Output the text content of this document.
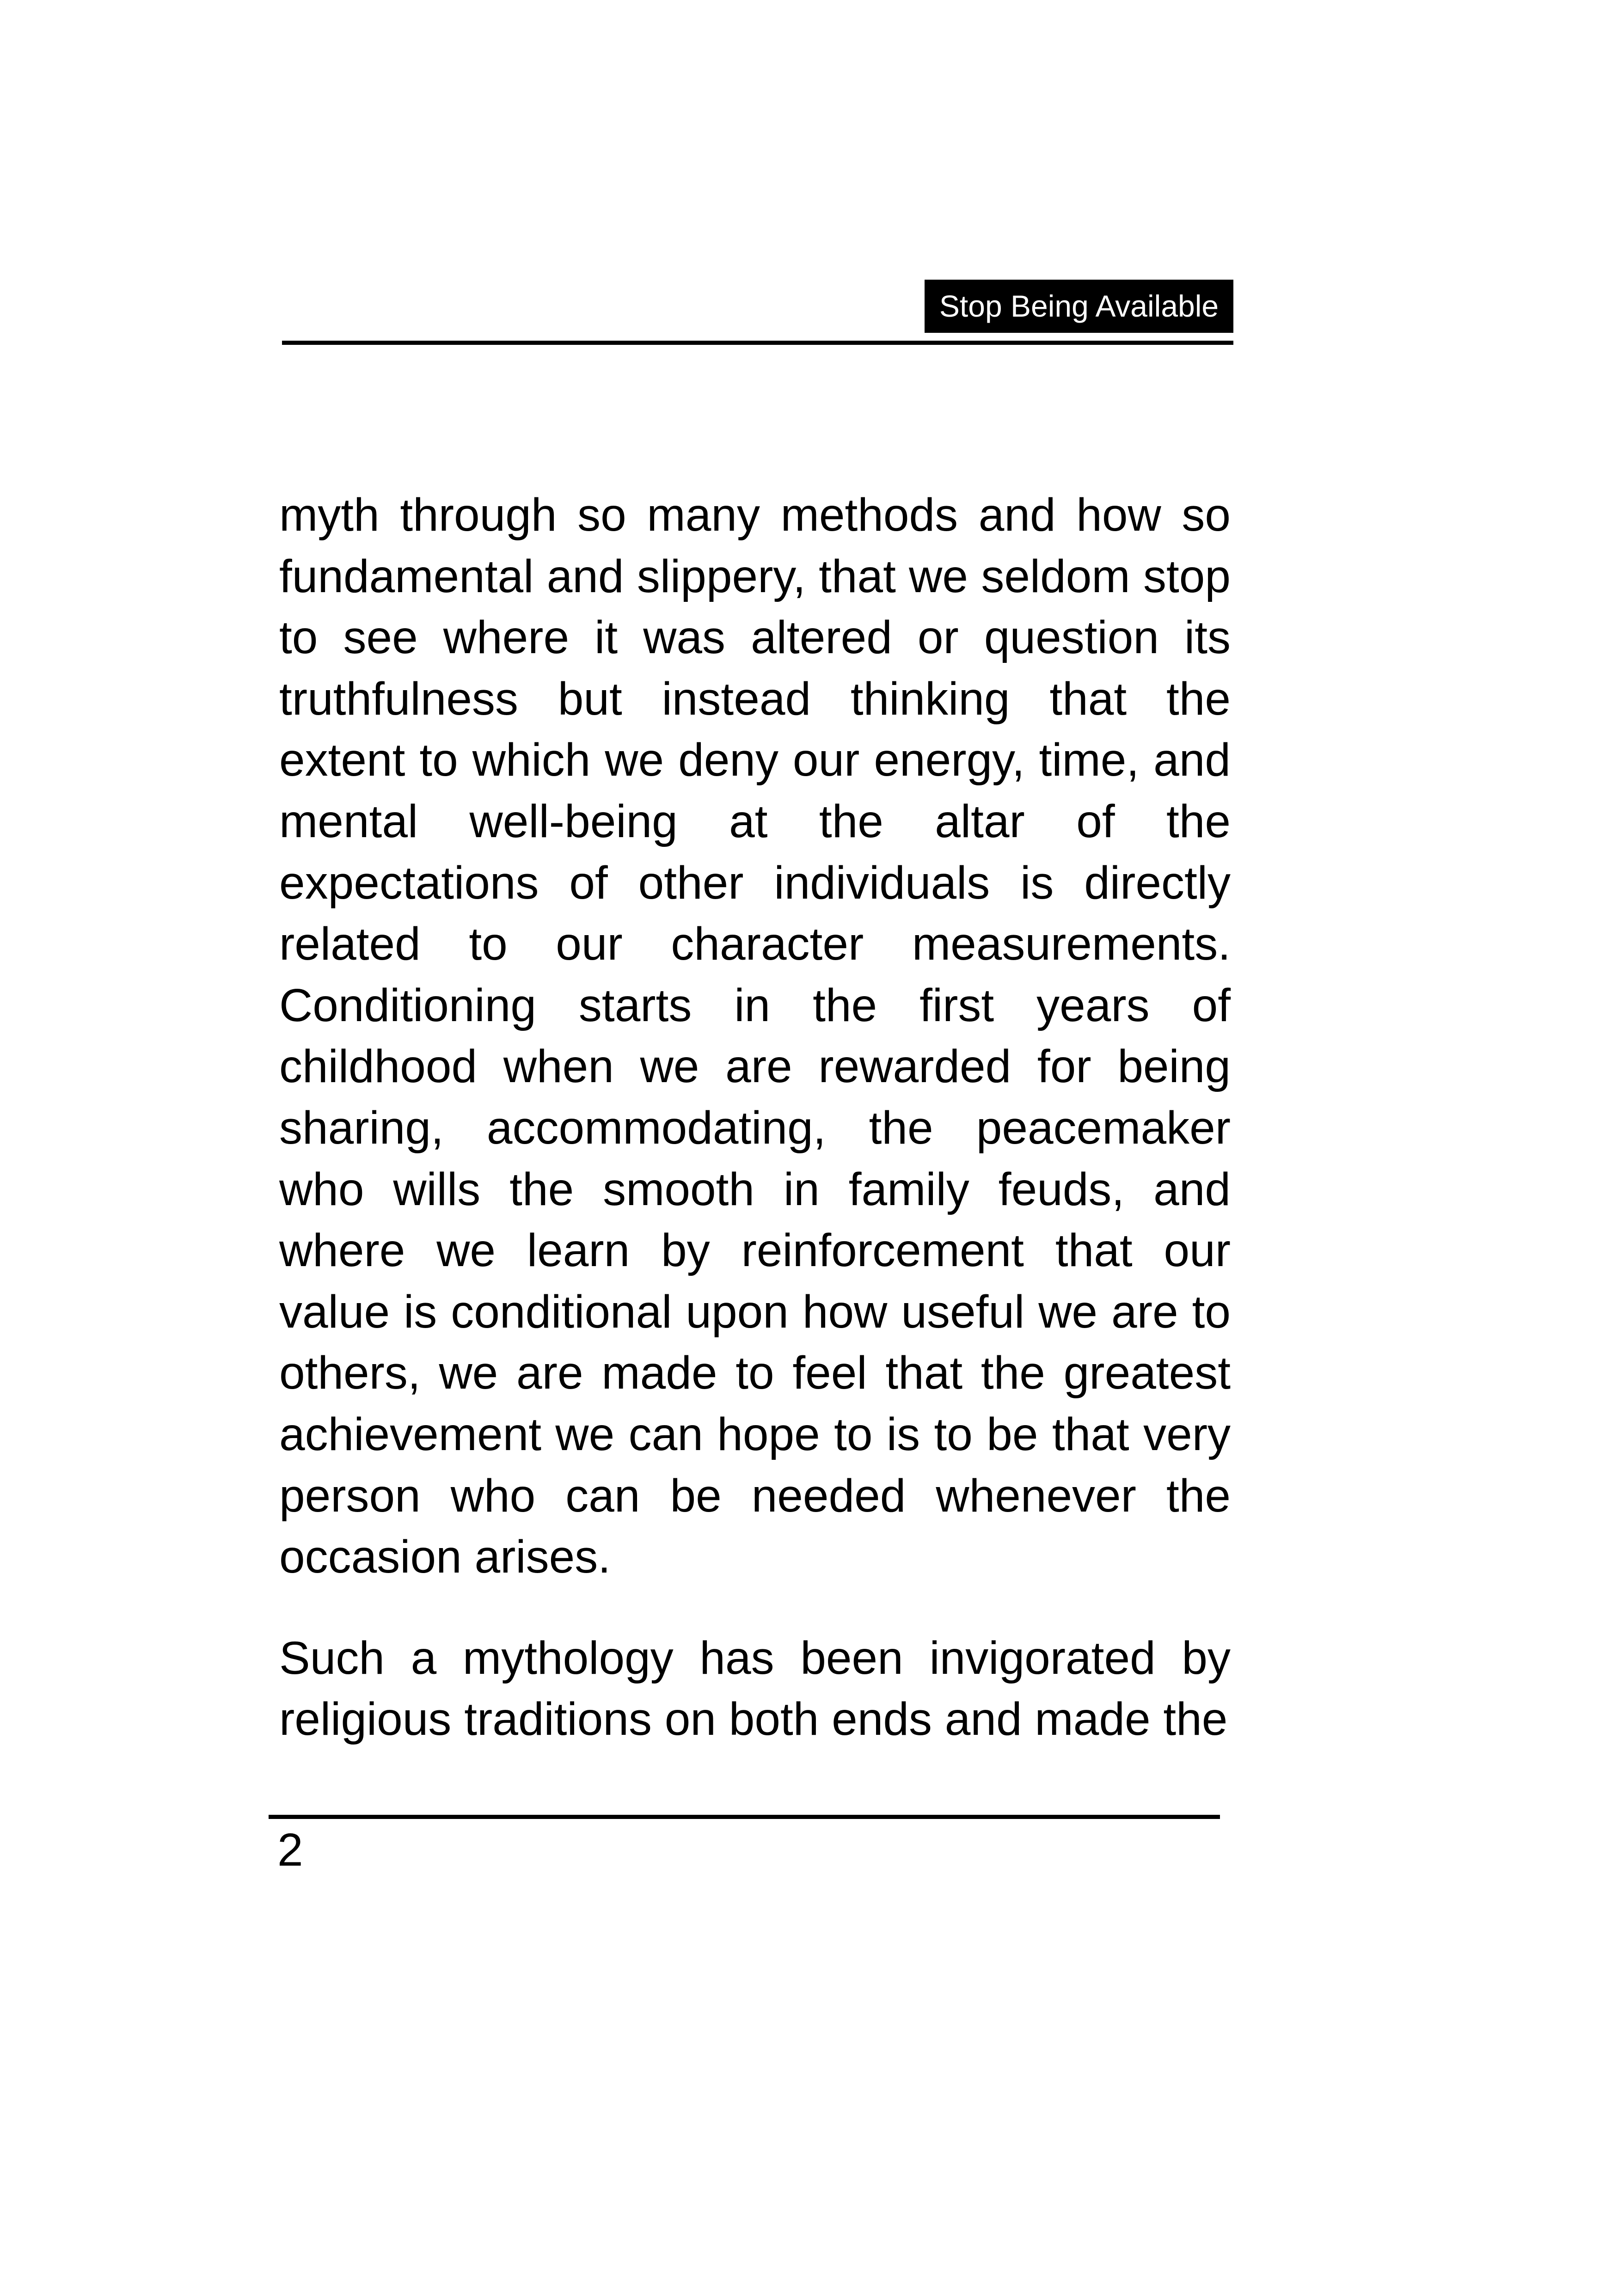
Stop Being Available

myth through so many methods and how so fundamental and slippery, that we seldom stop to see where it was altered or question its truthfulness but instead thinking that the extent to which we deny our energy, time, and mental well-being at the altar of the expectations of other individuals is directly related to our character measurements. Conditioning starts in the first years of childhood when we are rewarded for being sharing, accommodating, the peacemaker who wills the smooth in family feuds, and where we learn by reinforcement that our value is conditional upon how useful we are to others, we are made to feel that the greatest achievement we can hope to is to be that very person who can be needed whenever the occasion arises.

Such a mythology has been invigorated by religious traditions on both ends and made the

2
